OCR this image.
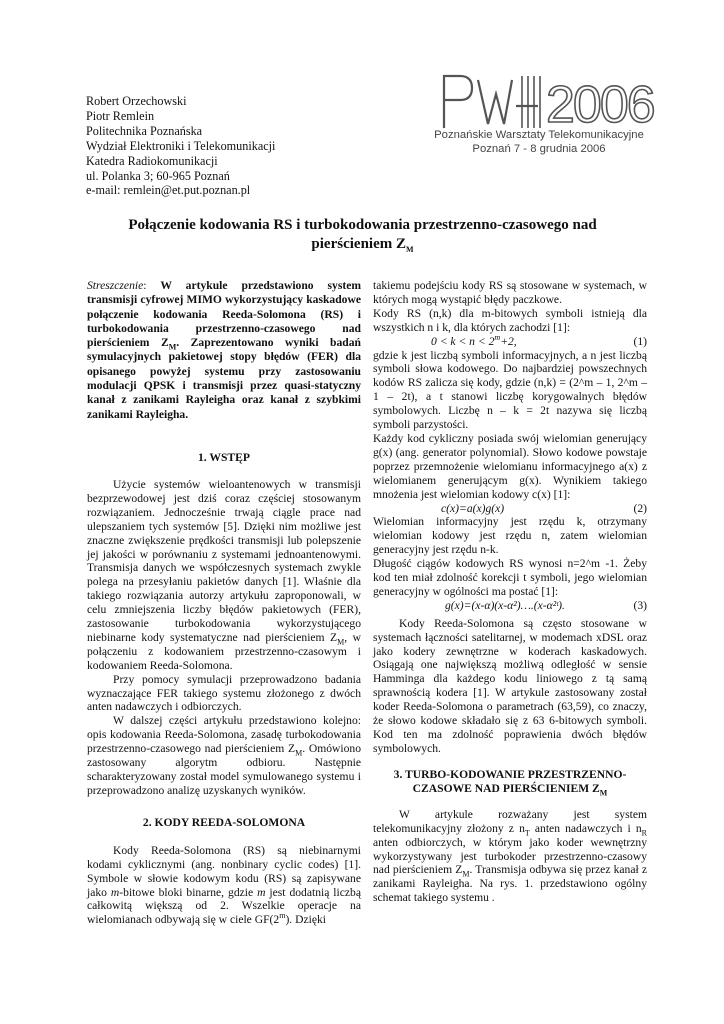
Robert Orzechowski
Piotr Remlein
Politechnika Poznańska
Wydział Elektroniki i Telekomunikacji
Katedra Radiokomunikacji
ul. Polanka 3; 60-965 Poznań
e-mail: remlein@et.put.poznan.pl
2006
Poznańskie Warsztaty Telekomunikacyjne
Poznań 7 - 8 grudnia 2006
Połączenie kodowania RS i turbokodowania przestrzenno-czasowego nad
pierścieniem $Z_M$

Streszczenie: W artykule przedstawiono system transmisji cyfrowej MIMO wykorzystujący kaskadowe połączenie kodowania Reeda-Solomona (RS) i turbokodowania przestrzenno-czasowego nad pierścieniem $Z_M$. Zaprezentowano wyniki badań symulacyjnych pakietowej stopy błędów (FER) dla opisanego powyżej systemu przy zastosowaniu modulacji QPSK i transmisji przez quasi-statyczny kanał z zanikami Rayleigha oraz kanał z szybkimi zanikami Rayleigha.

1. WSTĘP

Użycie systemów wieloantenowych w transmisji bezprzewodowej jest dziś coraz częściej stosowanym rozwiązaniem. Jednocześnie trwają ciągle prace nad ulepszaniem tych systemów [5]. Dzięki nim możliwe jest znaczne zwiększenie prędkości transmisji lub polepszenie jej jakości w porównaniu z systemami jednoantenowymi. Transmisja danych we współczesnych systemach zwykle polega na przesyłaniu pakietów danych [1]. Właśnie dla takiego rozwiązania autorzy artykułu zaproponowali, w celu zmniejszenia liczby błędów pakietowych (FER), zastosowanie turbokodowania wykorzystującego niebinarne kody systematyczne nad pierścieniem $Z_M$, w połączeniu z kodowaniem przestrzenno-czasowym i kodowaniem Reeda-Solomona.

Przy pomocy symulacji przeprowadzono badania wyznaczające FER takiego systemu złożonego z dwóch anten nadawczych i odbiorczych.

W dalszej części artykułu przedstawiono kolejno: opis kodowania Reeda-Solomona, zasadę turbokodowania przestrzenno-czasowego nad pierścieniem $Z_M$. Omówiono zastosowany algorytm odbioru. Następnie scharakteryzowany został model symulowanego systemu i przeprowadzono analizę uzyskanych wyników.

2. KODY REEDA-SOLOMONA

Kody Reeda-Solomona (RS) są niebinarnymi kodami cyklicznymi (ang. nonbinary cyclic codes) [1]. Symbole w słowie kodowym kodu (RS) są zapisywane jako m-bitowe bloki binarne, gdzie m jest dodatnią liczbą całkowitą większą od 2. Wszelkie operacje na wielomianach odbywają się w ciele GF(2$^m$). Dzięki

takiemu podejściu kody RS są stosowane w systemach, w których mogą wystąpić błędy paczkowe.

Kody RS (n,k) dla m-bitowych symboli istnieją dla wszystkich n i k, dla których zachodzi [1]:

$0 < k < n < 2^m+2$,	(1)

gdzie k jest liczbą symboli informacyjnych, a n jest liczbą symboli słowa kodowego. Do najbardziej powszechnych kodów RS zalicza się kody, gdzie (n,k) = (2^m – 1, 2^m – 1 – 2t), a t stanowi liczbę korygowalnych błędów symbolowych. Liczbę n – k = 2t nazywa się liczbą symboli parzystości.

Każdy kod cykliczny posiada swój wielomian generujący g(x) (ang. generator polynomial). Słowo kodowe powstaje poprzez przemnożenie wielomianu informacyjnego a(x) z wielomianem generującym g(x). Wynikiem takiego mnożenia jest wielomian kodowy c(x) [1]:

c(x)=a(x)g(x)	(2)

Wielomian informacyjny jest rzędu k, otrzymany wielomian kodowy jest rzędu n, zatem wielomian generacyjny jest rzędu n-k.

Długość ciągów kodowych RS wynosi n=2^m -1. Żeby kod ten miał zdolność korekcji t symboli, jego wielomian generacyjny w ogólności ma postać [1]:

g(x)=(x-α)(x-α²)….(x-α²ᵗ).	(3)

Kody Reeda-Solomona są często stosowane w systemach łączności satelitarnej, w modemach xDSL oraz jako kodery zewnętrzne w koderach kaskadowych. Osiągają one największą możliwą odległość w sensie Hamminga dla każdego kodu liniowego z tą samą sprawnością kodera [1]. W artykule zastosowany został koder Reeda-Solomona o parametrach (63,59), co znaczy, że słowo kodowe składało się z 63 6-bitowych symboli. Kod ten ma zdolność poprawienia dwóch błędów symbolowych.

3. TURBO-KODOWANIE PRZESTRZENNO-
CZASOWE NAD PIERŚCIENIEM $Z_M$

W artykule rozważany jest system telekomunikacyjny złożony z $n_T$ anten nadawczych i $n_R$ anten odbiorczych, w którym jako koder wewnętrzny wykorzystywany jest turbokoder przestrzenno-czasowy nad pierścieniem $Z_M$. Transmisja odbywa się przez kanał z zanikami Rayleigha. Na rys. 1. przedstawiono ogólny schemat takiego systemu .
